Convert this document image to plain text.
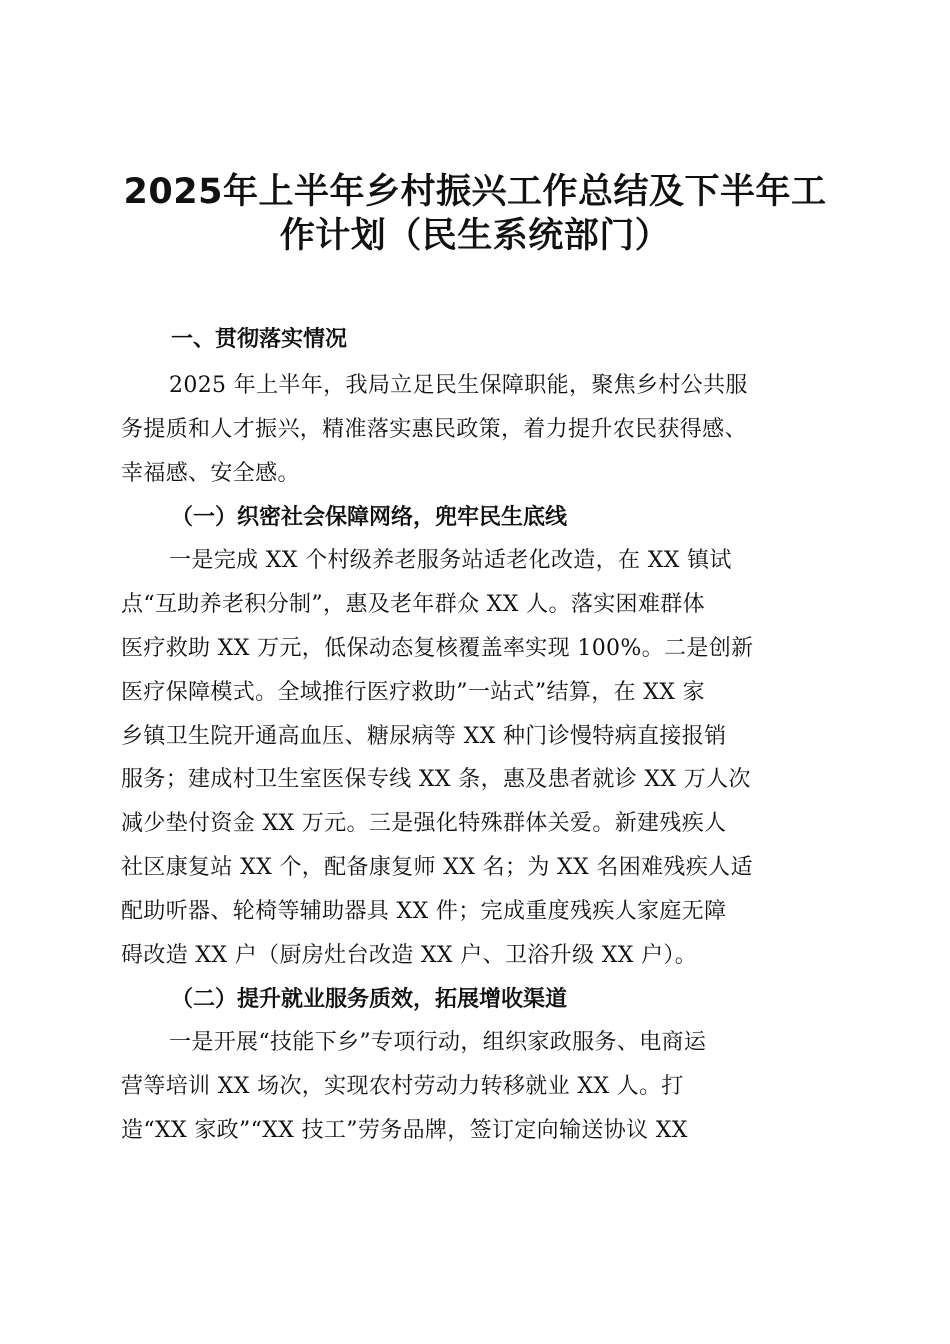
2025年上半年乡村振兴工作总结及下半年工
作计划（民生系统部门）
一、贯彻落实情况
2025 年上半年，我局立足民生保障职能，聚焦乡村公共服
务提质和人才振兴，精准落实惠民政策，着力提升农民获得感、
幸福感、安全感。
（一）织密社会保障网络，兜牢民生底线
一是完成 XX 个村级养老服务站适老化改造，在 XX 镇试
点“互助养老积分制”，惠及老年群众 XX 人。落实困难群体
医疗救助 XX 万元，低保动态复核覆盖率实现 100%。二是创新
医疗保障模式。全域推行医疗救助”一站式”结算，在 XX 家
乡镇卫生院开通高血压、糖尿病等 XX 种门诊慢特病直接报销
服务；建成村卫生室医保专线 XX 条，惠及患者就诊 XX 万人次
减少垫付资金 XX 万元。三是强化特殊群体关爱。新建残疾人
社区康复站 XX 个，配备康复师 XX 名；为 XX 名困难残疾人适
配助听器、轮椅等辅助器具 XX 件；完成重度残疾人家庭无障
碍改造 XX 户（厨房灶台改造 XX 户、卫浴升级 XX 户）。
（二）提升就业服务质效，拓展增收渠道
一是开展“技能下乡”专项行动，组织家政服务、电商运
营等培训 XX 场次，实现农村劳动力转移就业 XX 人。打
造“XX 家政”“XX 技工”劳务品牌，签订定向输送协议 XX
